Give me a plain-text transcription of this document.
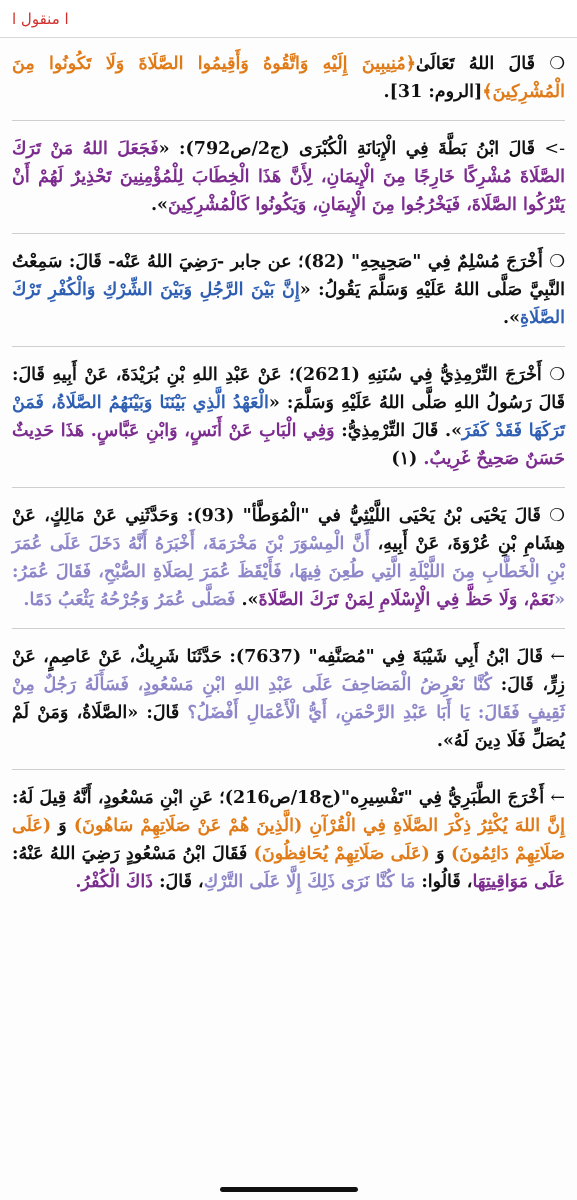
ا منقول ا
❍ قَالَ اللهُ تَعَالَىٰ﴿مُنِيبِينَ إِلَيْهِ وَاتَّقُوهُ وَأَقِيمُوا الصَّلَاةَ وَلَا تَكُونُوا مِنَ الْمُشْرِكِينَ﴾[الروم: 31].
-> قَالَ ابْنُ بَطَّةَ فِي الْإِبَانَةِ الْكُبْرَى (ج2/ص792): «فَجَعَلَ اللهُ مَنْ تَرَكَ الصَّلَاةَ مُشْرِكًا خَارِجًا مِنَ الْإِيمَانِ، لِأَنَّ هَذَا الْخِطَابَ لِلْمُؤْمِنِينَ تَحْذِيرٌ لَهُمْ أَنْ يَتْرُكُوا الصَّلَاةَ، فَيَخْرُجُوا مِنَ الْإِيمَانِ، وَيَكُونُوا كَالْمُشْرِكِينَ».
❍ أَخْرَجَ مُسْلِمٌ فِي "صَحِيحِهِ" (82)؛ عن جابر -رَضِيَ اللهُ عَنْه- قَالَ: سَمِعْتُ النَّبِيَّ صَلَّى اللهُ عَلَيْهِ وَسَلَّمَ يَقُولُ: «إِنَّ بَيْنَ الرَّجُلِ وَبَيْنَ الشِّرْكِ وَالْكُفْرِ تَرْكَ الصَّلَاةِ».
❍ أَخْرَجَ التِّرْمِذِيُّ فِي سُنَنِهِ (2621)؛ عَنْ عَبْدِ اللهِ بْنِ بُرَيْدَةَ، عَنْ أَبِيهِ قَالَ: قَالَ رَسُولُ اللهِ صَلَّى اللهُ عَلَيْهِ وَسَلَّمَ: «الْعَهْدُ الَّذِي بَيْنَنَا وَبَيْنَهُمُ الصَّلَاةُ، فَمَنْ تَرَكَهَا فَقَدْ كَفَرَ». قَالَ التِّرْمِذِيُّ: وَفِي الْبَابِ عَنْ أَنَسٍ، وَابْنِ عَبَّاسٍ. هَذَا حَدِيثٌ حَسَنٌ صَحِيحٌ غَرِيبٌ. (١)
❍ قَالَ يَحْيَى بْنُ يَحْيَى اللَّيْثِيُّ في "الْمُوَطَّأ" (93): وَحَدَّثَنِي عَنْ مَالِكٍ، عَنْ هِشَامِ بْنِ عُرْوَةَ، عَنْ أَبِيهِ، أَنَّ الْمِسْوَرَ بْنَ مَخْرَمَةَ، أَخْبَرَهُ أَنَّهُ دَخَلَ عَلَى عُمَرَ بْنِ الْخَطَّابِ مِنَ اللَّيْلَةِ الَّتِي طُعِنَ فِيهَا، فَأَيْقَظَ عُمَرَ لِصَلَاةِ الصُّبْحِ، فَقَالَ عُمَرُ: «نَعَمْ، وَلَا حَظَّ فِي الْإِسْلَامِ لِمَنْ تَرَكَ الصَّلَاةَ». فَصَلَّى عُمَرُ وَجُرْحُهُ يَثْعَبُ دَمًا.
← قَالَ ابْنُ أَبِي شَيْبَةَ فِي "مُصَنَّفِه" (7637): حَدَّثَنَا شَرِيكٌ، عَنْ عَاصِمٍ، عَنْ زِرٍّ، قَالَ: كُنَّا نَعْرِضُ الْمَصَاحِفَ عَلَى عَبْدِ اللهِ ابْنِ مَسْعُودٍ، فَسَأَلَهُ رَجُلٌ مِنْ ثَقِيفٍ فَقَالَ: يَا أَبَا عَبْدِ الرَّحْمَنِ، أَيُّ الْأَعْمَالِ أَفْضَلُ؟ قَالَ: «الصَّلَاةُ، وَمَنْ لَمْ يُصَلِّ فَلَا دِينَ لَهُ».
← أَخْرَجَ الطَّبَرِيُّ فِي "تَفْسِيرِه"(ج18/ص216)؛ عَنِ ابْنِ مَسْعُودٍ، أَنَّهُ قِيلَ لَهُ: إِنَّ اللهَ يُكْثِرُ ذِكْرَ الصَّلَاةِ فِي الْقُرْآنِ (الَّذِينَ هُمْ عَنْ صَلَاتِهِمْ سَاهُونَ) وَ (عَلَى صَلَاتِهِمْ دَائِمُونَ) وَ (عَلَى صَلَاتِهِمْ يُحَافِظُونَ) فَقَالَ ابْنُ مَسْعُودٍ رَضِيَ اللهُ عَنْهُ: عَلَى مَوَاقِيتِهَا، قَالُوا: مَا كُنَّا نَرَى ذَلِكَ إِلَّا عَلَى التَّرْكِ، قَالَ: ذَاكَ الْكُفْرُ.
